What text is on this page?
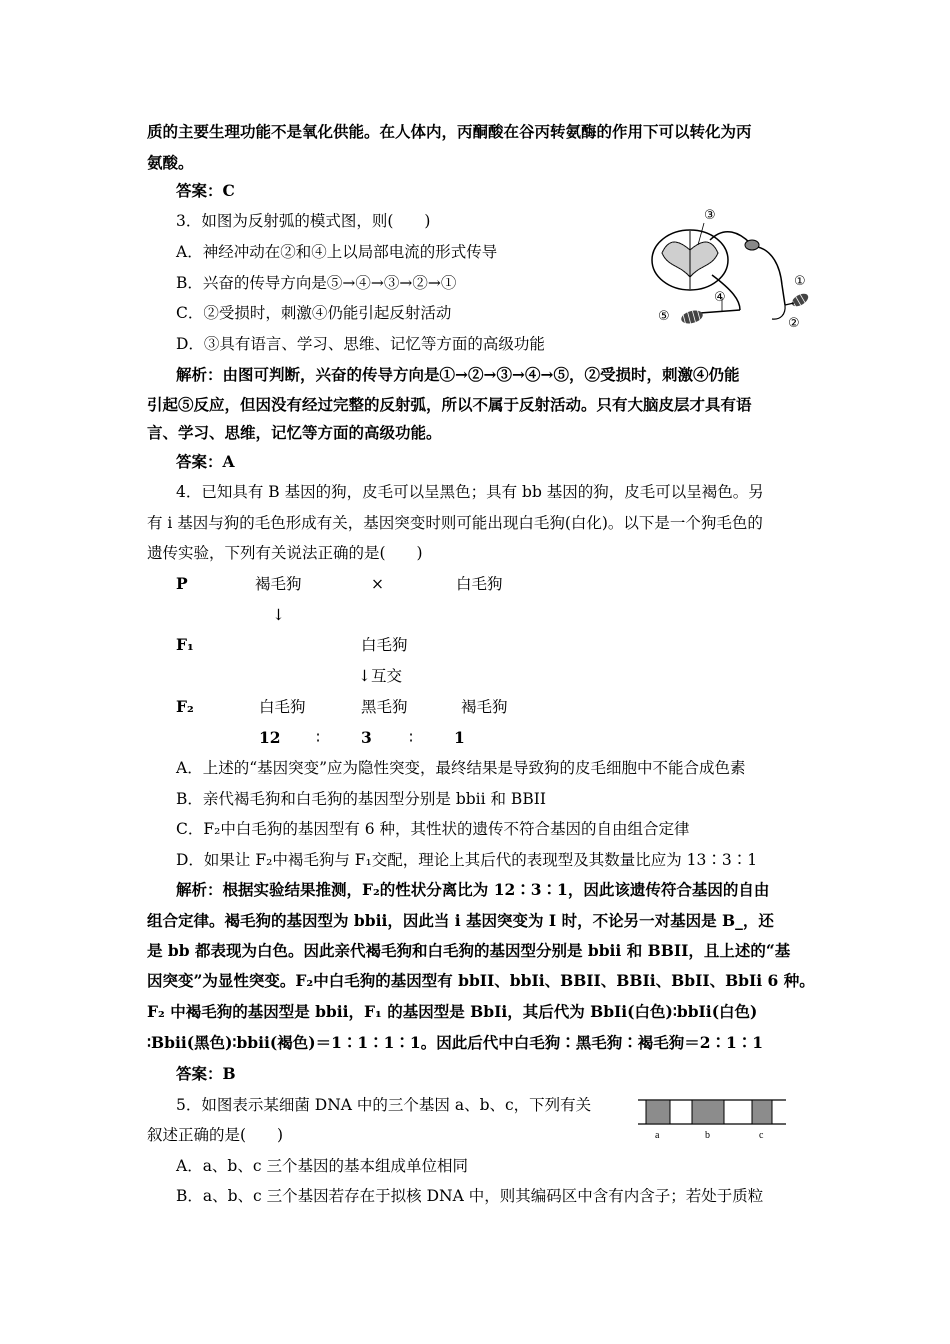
质的主要生理功能不是氧化供能。在人体内，丙酮酸在谷丙转氨酶的作用下可以转化为丙
氨酸。
答案：C
3．如图为反射弧的模式图，则(　　)
A．神经冲动在②和④上以局部电流的形式传导
B．兴奋的传导方向是⑤→④→③→②→①
C．②受损时，刺激④仍能引起反射活动
D．③具有语言、学习、思维、记忆等方面的高级功能
解析：由图可判断，兴奋的传导方向是①→②→③→④→⑤，②受损时，刺激④仍能
引起⑤反应，但因没有经过完整的反射弧，所以不属于反射活动。只有大脑皮层才具有语
言、学习、思维，记忆等方面的高级功能。
答案：A
4．已知具有 B 基因的狗，皮毛可以呈黑色；具有 bb 基因的狗，皮毛可以呈褐色。另
有 i 基因与狗的毛色形成有关，基因突变时则可能出现白毛狗(白化)。以下是一个狗毛色的
遗传实验，下列有关说法正确的是(　　)
P	褐毛狗	×	白毛狗
↓
F₁	白毛狗
↓互交
F₂	白毛狗	黑毛狗	褐毛狗
12 ∶	3 ∶	1
A．上述的“基因突变”应为隐性突变，最终结果是导致狗的皮毛细胞中不能合成色素
B．亲代褐毛狗和白毛狗的基因型分别是 bbii 和 BBII
C．F₂中白毛狗的基因型有 6 种，其性状的遗传不符合基因的自由组合定律
D．如果让 F₂中褐毛狗与 F₁交配，理论上其后代的表现型及其数量比应为 13∶3∶1
解析：根据实验结果推测，F₂的性状分离比为 12∶3∶1，因此该遗传符合基因的自由
组合定律。褐毛狗的基因型为 bbii，因此当 i 基因突变为 I 时，不论另一对基因是 B_，还
是 bb 都表现为白色。因此亲代褐毛狗和白毛狗的基因型分别是 bbii 和 BBII，且上述的“基
因突变”为显性突变。F₂中白毛狗的基因型有 bbII、bbIi、BBII、BBIi、BbII、BbIi 6 种。
F₂ 中褐毛狗的基因型是 bbii，F₁ 的基因型是 BbIi，其后代为 BbIi(白色)∶bbIi(白色)
∶Bbii(黑色)∶bbii(褐色)＝1∶1∶1∶1。因此后代中白毛狗∶黑毛狗∶褐毛狗＝2∶1∶1
答案：B
5．如图表示某细菌 DNA 中的三个基因 a、b、c，下列有关
叙述正确的是(　　)
A．a、b、c 三个基因的基本组成单位相同
B．a、b、c 三个基因若存在于拟核 DNA 中，则其编码区中含有内含子；若处于质粒
③
④
①
⑤	②
a	b	c
